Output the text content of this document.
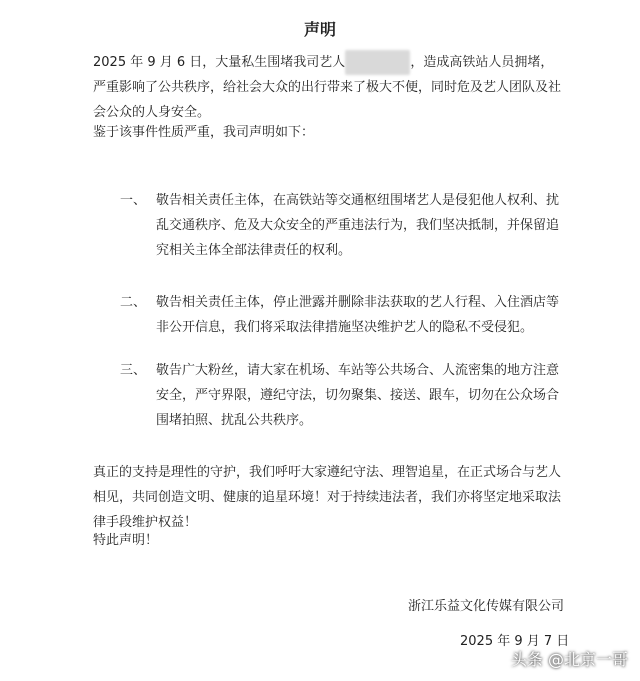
声明

2025 年 9 月 6 日，大量私生围堵我司艺人	，造成高铁站人员拥堵，严重影响了公共秩序，给社会大众的出行带来了极大不便，同时危及艺人团队及社会公众的人身安全。

鉴于该事件性质严重，我司声明如下：

一、 敬告相关责任主体，在高铁站等交通枢纽围堵艺人是侵犯他人权利、扰乱交通秩序、危及大众安全的严重违法行为，我们坚决抵制，并保留追究相关主体全部法律责任的权利。

二、 敬告相关责任主体，停止泄露并删除非法获取的艺人行程、入住酒店等非公开信息，我们将采取法律措施坚决维护艺人的隐私不受侵犯。

三、 敬告广大粉丝，请大家在机场、车站等公共场合、人流密集的地方注意安全，严守界限，遵纪守法，切勿聚集、接送、跟车，切勿在公众场合围堵拍照、扰乱公共秩序。

真正的支持是理性的守护，我们呼吁大家遵纪守法、理智追星，在正式场合与艺人相见，共同创造文明、健康的追星环境！对于持续违法者，我们亦将坚定地采取法律手段维护权益！

特此声明！

浙江乐益文化传媒有限公司
2025 年 9 月 7 日
头条 @北京一哥
